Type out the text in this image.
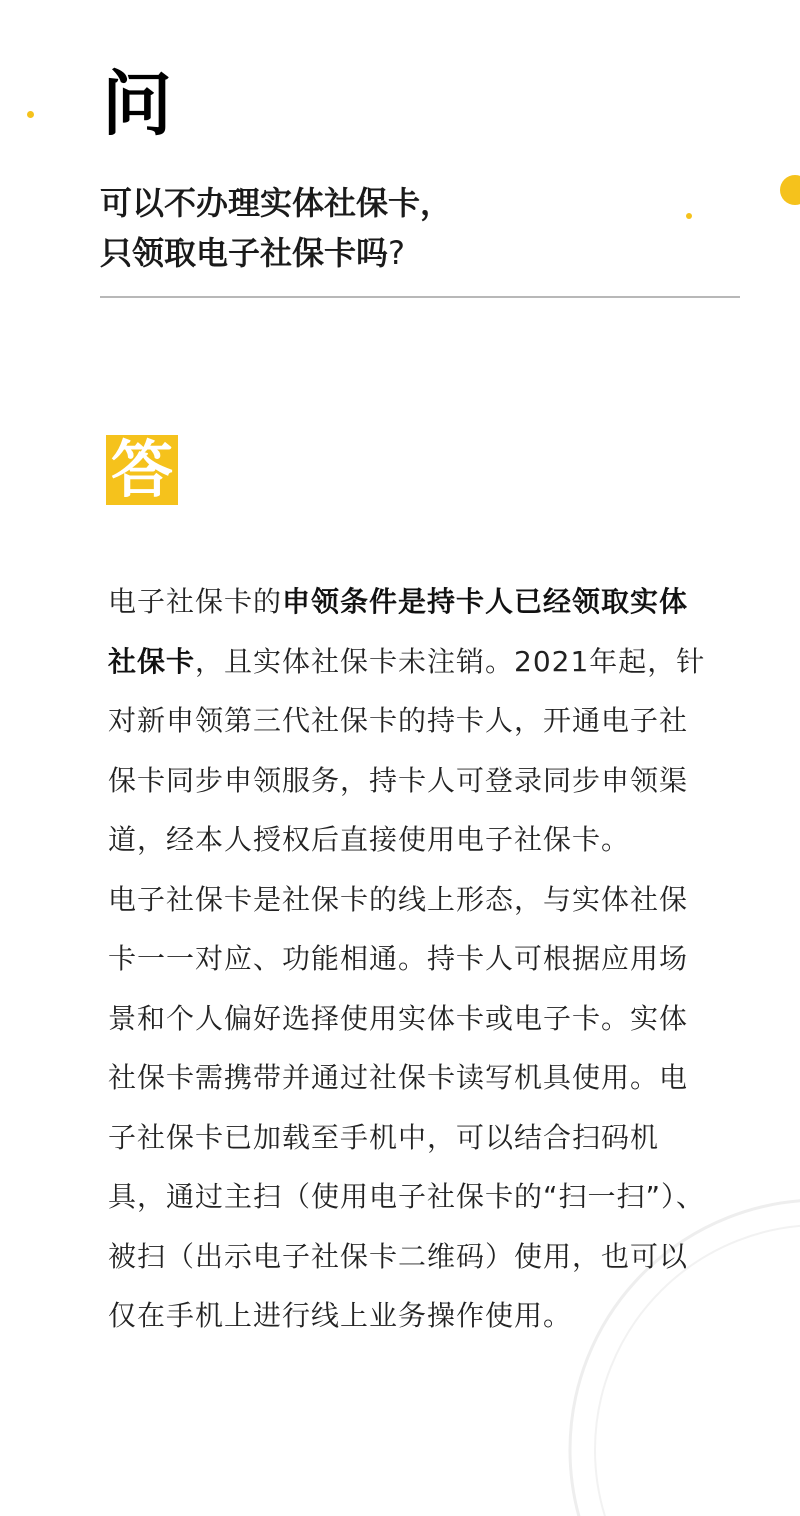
问
可以不办理实体社保卡，
只领取电子社保卡吗?
答

电子社保卡的申领条件是持卡人已经领取实体社保卡，且实体社保卡未注销。2021年起，针对新申领第三代社保卡的持卡人，开通电子社保卡同步申领服务，持卡人可登录同步申领渠道，经本人授权后直接使用电子社保卡。

电子社保卡是社保卡的线上形态，与实体社保卡一一对应、功能相通。持卡人可根据应用场景和个人偏好选择使用实体卡或电子卡。实体社保卡需携带并通过社保卡读写机具使用。电子社保卡已加载至手机中，可以结合扫码机具，通过主扫（使用电子社保卡的“扫一扫”）、被扫（出示电子社保卡二维码）使用，也可以仅在手机上进行线上业务操作使用。
